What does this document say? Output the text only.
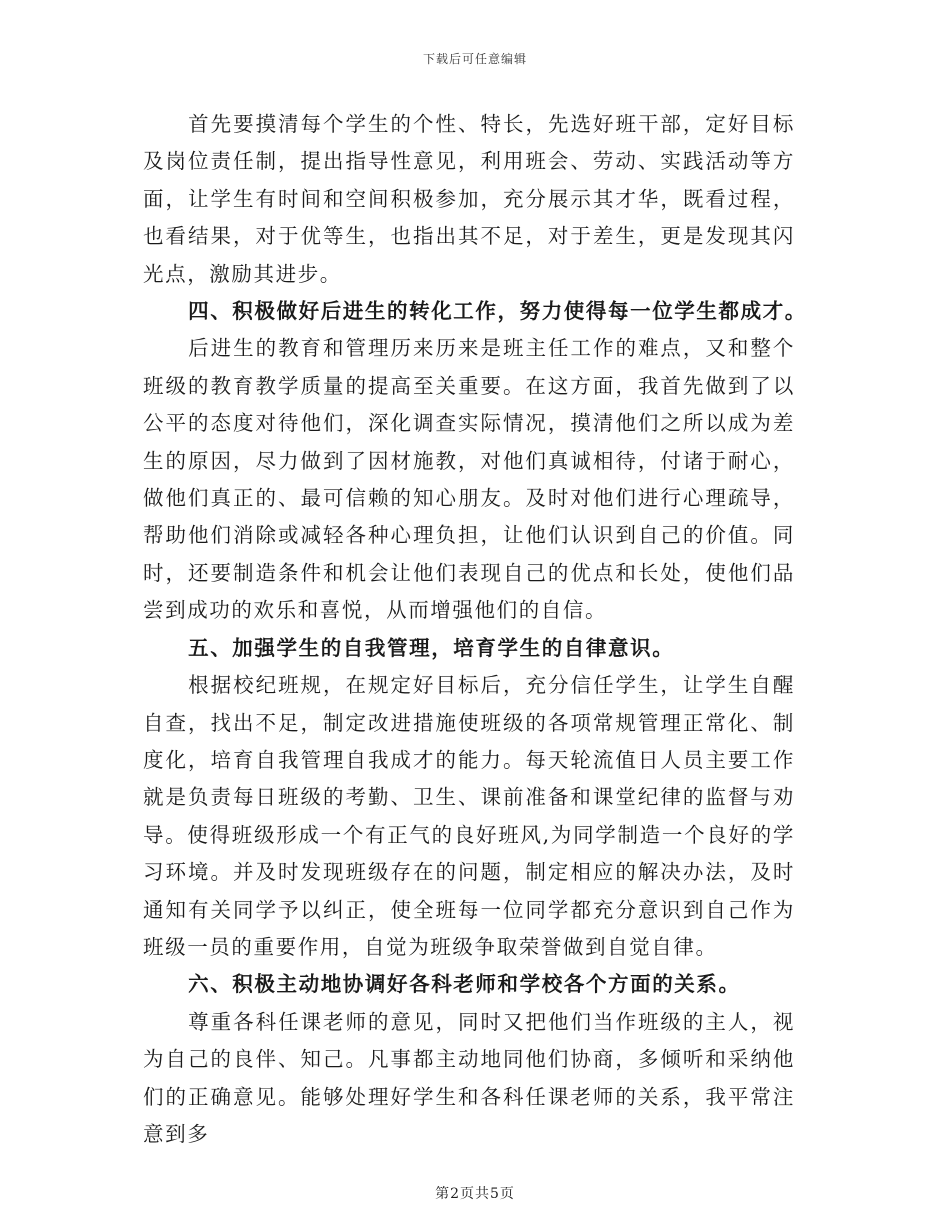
下载后可任意编辑

首先要摸清每个学生的个性、特长，先选好班干部，定好目标及岗位责任制，提出指导性意见，利用班会、劳动、实践活动等方面，让学生有时间和空间积极参加，充分展示其才华，既看过程，也看结果，对于优等生，也指出其不足，对于差生，更是发现其闪光点，激励其进步。

四、积极做好后进生的转化工作，努力使得每一位学生都成才。

后进生的教育和管理历来历来是班主任工作的难点，又和整个班级的教育教学质量的提高至关重要。在这方面，我首先做到了以公平的态度对待他们，深化调查实际情况，摸清他们之所以成为差生的原因，尽力做到了因材施教，对他们真诚相待，付诸于耐心，做他们真正的、最可信赖的知心朋友。及时对他们进行心理疏导，帮助他们消除或减轻各种心理负担，让他们认识到自己的价值。同时，还要制造条件和机会让他们表现自己的优点和长处，使他们品尝到成功的欢乐和喜悦，从而增强他们的自信。

五、加强学生的自我管理，培育学生的自律意识。

根据校纪班规，在规定好目标后，充分信任学生，让学生自醒自查，找出不足，制定改进措施使班级的各项常规管理正常化、制度化，培育自我管理自我成才的能力。每天轮流值日人员主要工作就是负责每日班级的考勤、卫生、课前准备和课堂纪律的监督与劝导。使得班级形成一个有正气的良好班风,为同学制造一个良好的学习环境。并及时发现班级存在的问题，制定相应的解决办法，及时通知有关同学予以纠正，使全班每一位同学都充分意识到自己作为班级一员的重要作用，自觉为班级争取荣誉做到自觉自律。

六、积极主动地协调好各科老师和学校各个方面的关系。

尊重各科任课老师的意见，同时又把他们当作班级的主人，视为自己的良伴、知己。凡事都主动地同他们协商，多倾听和采纳他们的正确意见。能够处理好学生和各科任课老师的关系，我平常注意到多

第2页共5页
